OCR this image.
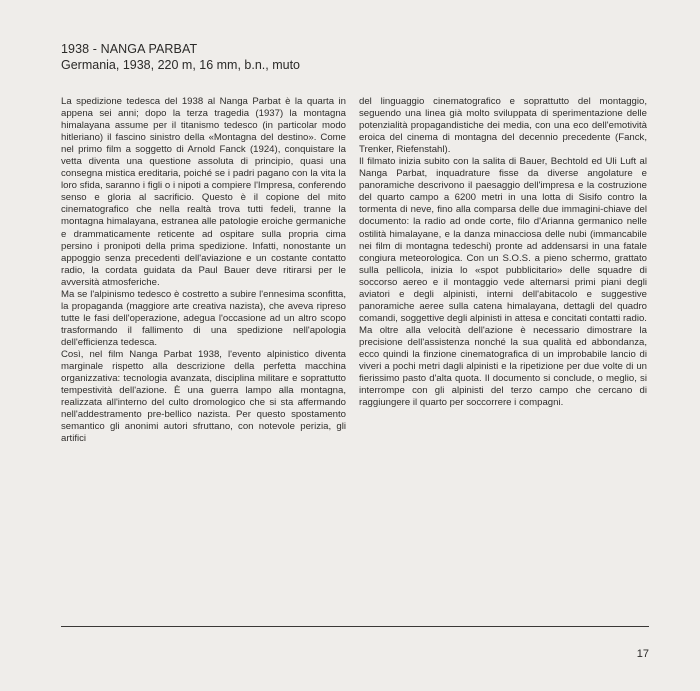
1938 - NANGA PARBAT
Germania, 1938, 220 m, 16 mm, b.n., muto

La spedizione tedesca del 1938 al Nanga Parbat è la quarta in appena sei anni; dopo la terza tragedia (1937) la montagna himalayana assume per il titanismo tedesco (in particolar modo hitleriano) il fascino sinistro della «Montagna del destino». Come nel primo film a soggetto di Arnold Fanck (1924), conquistare la vetta diventa una questione assoluta di principio, quasi una consegna mistica ereditaria, poiché se i padri pagano con la vita la loro sfida, saranno i figli o i nipoti a compiere l'Impresa, conferendo senso e gloria al sacrificio. Questo è il copione del mito cinematografico che nella realtà trova tutti fedeli, tranne la montagna himalayana, estranea alle patologie eroiche germaniche e drammaticamente reticente ad ospitare sulla propria cima persino i pronipoti della prima spedizione. Infatti, nonostante un appoggio senza precedenti dell'aviazione e un costante contatto radio, la cordata guidata da Paul Bauer deve ritirarsi per le avversità atmosferiche.

Ma se l'alpinismo tedesco è costretto a subire l'ennesima sconfitta, la propaganda (maggiore arte creativa nazista), che aveva ripreso tutte le fasi dell'operazione, adegua l'occasione ad un altro scopo trasformando il fallimento di una spedizione nell'apologia dell'efficienza tedesca.

Così, nel film Nanga Parbat 1938, l'evento alpinistico diventa marginale rispetto alla descrizione della perfetta macchina organizzativa: tecnologia avanzata, disciplina militare e soprattutto tempestività dell'azione. È una guerra lampo alla montagna, realizzata all'interno del culto dromologico che si sta affermando nell'addestramento pre-bellico nazista. Per questo spostamento semantico gli anonimi autori sfruttano, con notevole perizia, gli artifici

del linguaggio cinematografico e soprattutto del montaggio, seguendo una linea già molto sviluppata di sperimentazione delle potenzialità propagandistiche dei media, con una eco dell'emotività eroica del cinema di montagna del decennio precedente (Fanck, Trenker, Riefenstahl).

Il filmato inizia subito con la salita di Bauer, Bechtold ed Uli Luft al Nanga Parbat, inquadrature fisse da diverse angolature e panoramiche descrivono il paesaggio dell'impresa e la costruzione del quarto campo a 6200 metri in una lotta di Sisifo contro la tormenta di neve, fino alla comparsa delle due immagini-chiave del documento: la radio ad onde corte, filo d'Arianna germanico nelle ostilità himalayane, e la danza minacciosa delle nubi (immancabile nei film di montagna tedeschi) pronte ad addensarsi in una fatale congiura meteorologica. Con un S.O.S. a pieno schermo, grattato sulla pellicola, inizia lo «spot pubblicitario» delle squadre di soccorso aereo e il montaggio vede alternarsi primi piani degli aviatori e degli alpinisti, interni dell'abitacolo e suggestive panoramiche aeree sulla catena himalayana, dettagli del quadro comandi, soggettive degli alpinisti in attesa e concitati contatti radio.

Ma oltre alla velocità dell'azione è necessario dimostrare la precisione dell'assistenza nonché la sua qualità ed abbondanza, ecco quindi la finzione cinematografica di un improbabile lancio di viveri a pochi metri dagli alpinisti e la ripetizione per due volte di un fierissimo pasto d'alta quota. Il documento si conclude, o meglio, si interrompe con gli alpinisti del terzo campo che cercano di raggiungere il quarto per soccorrere i compagni.

17
